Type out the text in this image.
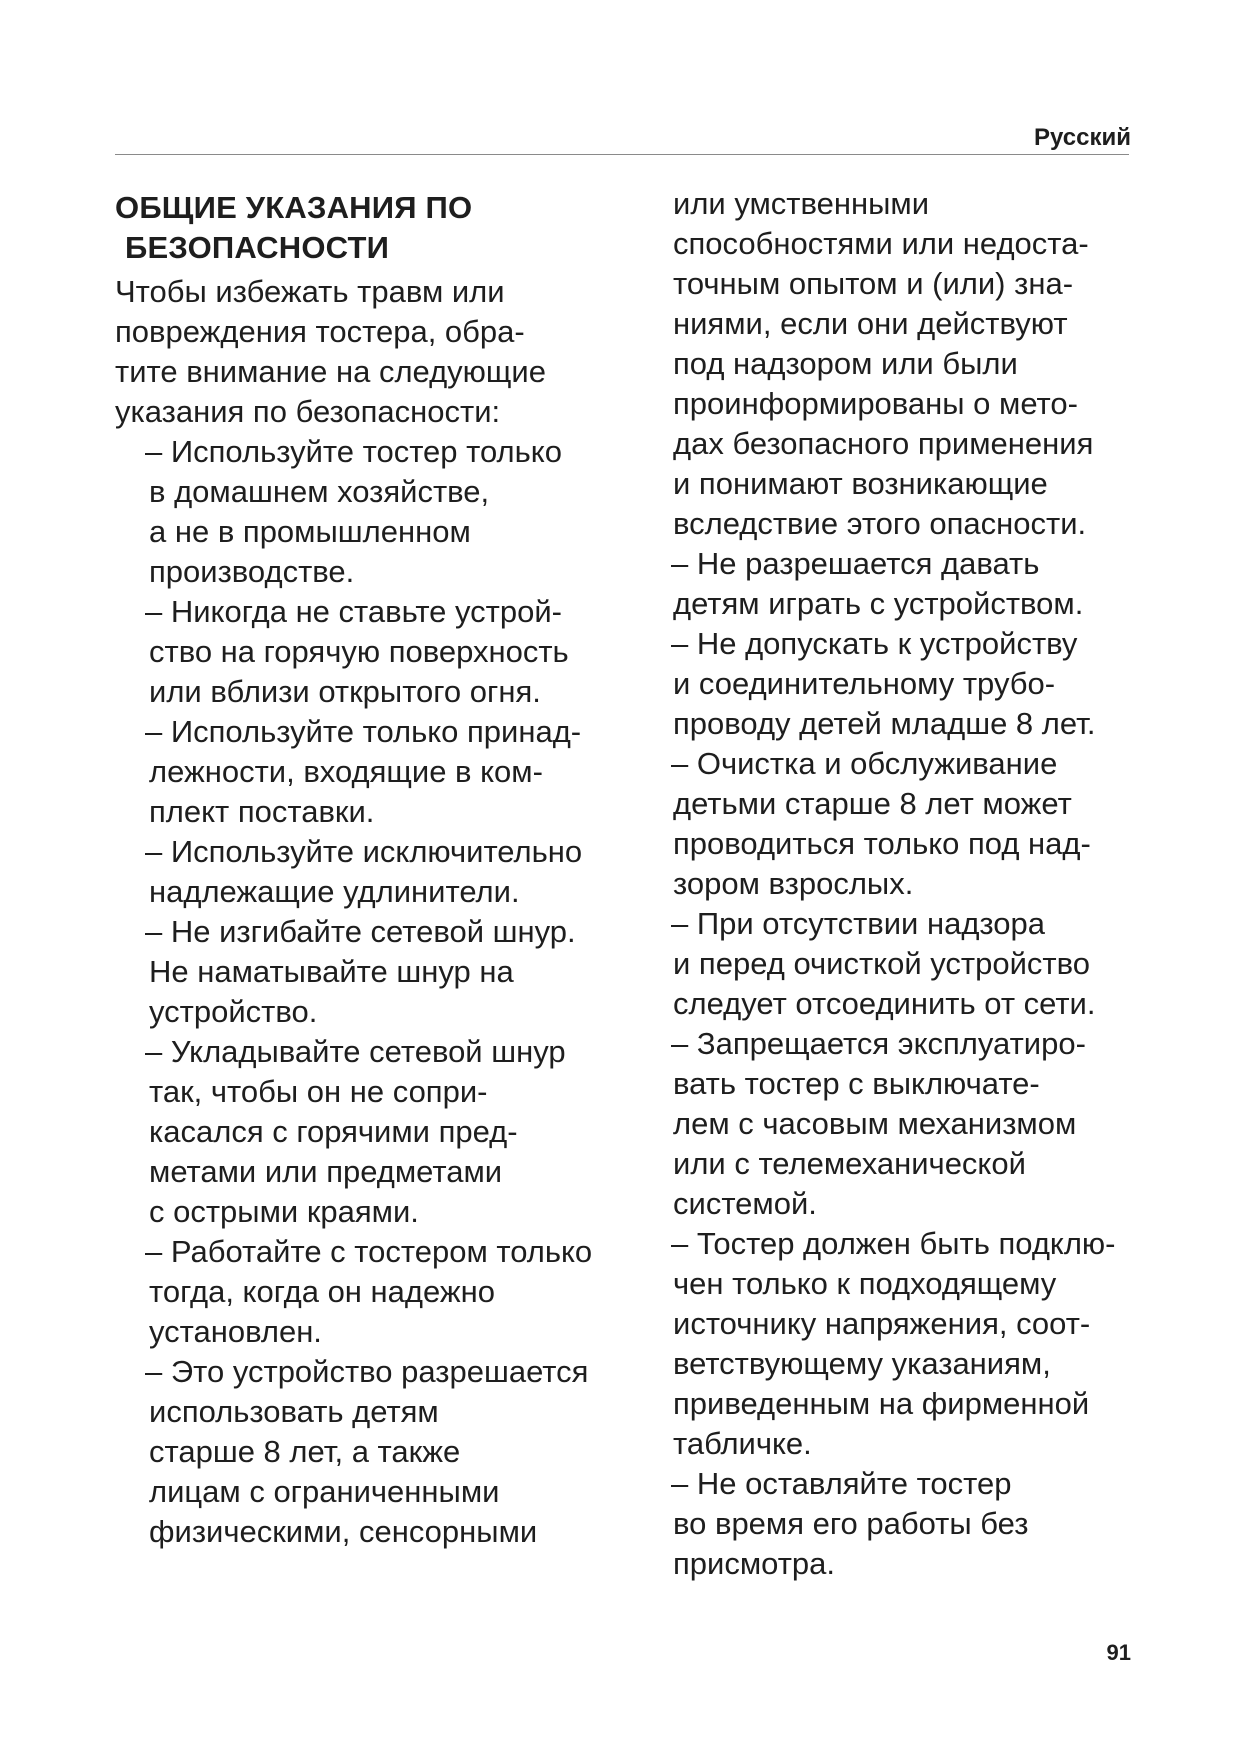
Русский
ОБЩИЕ УКАЗАНИЯ ПО
БЕЗОПАСНОСТИ
Чтобы избежать травм или
повреждения тостера, обра-
тите внимание на следующие
указания по безопасности:
– Используйте тостер только
в домашнем хозяйстве,
а не в промышленном
производстве.
– Никогда не ставьте устрой-
ство на горячую поверхность
или вблизи открытого огня.
– Используйте только принад-
лежности, входящие в ком-
плект поставки.
– Используйте исключительно
надлежащие удлинители.
– Не изгибайте сетевой шнур.
Не наматывайте шнур на
устройство.
– Укладывайте сетевой шнур
так, чтобы он не сопри-
касался с горячими пред-
метами или предметами
с острыми краями.
– Работайте с тостером только
тогда, когда он надежно
установлен.
– Это устройство разрешается
использовать детям
старше 8 лет, а также
лицам с ограниченными
физическими, сенсорными
или умственными
способностями или недоста-
точным опытом и (или) зна-
ниями, если они действуют
под надзором или были
проинформированы о мето-
дах безопасного применения
и понимают возникающие
вследствие этого опасности.
– Не разрешается давать
детям играть с устройством.
– Не допускать к устройству
и соединительному трубо-
проводу детей младше 8 лет.
– Очистка и обслуживание
детьми старше 8 лет может
проводиться только под над-
зором взрослых.
– При отсутствии надзора
и перед очисткой устройство
следует отсоединить от сети.
– Запрещается эксплуатиро-
вать тостер с выключате-
лем с часовым механизмом
или с телемеханической
системой.
– Тостер должен быть подклю-
чен только к подходящему
источнику напряжения, соот-
ветствующему указаниям,
приведенным на фирменной
табличке.
– Не оставляйте тостер
во время его работы без
присмотра.
91
